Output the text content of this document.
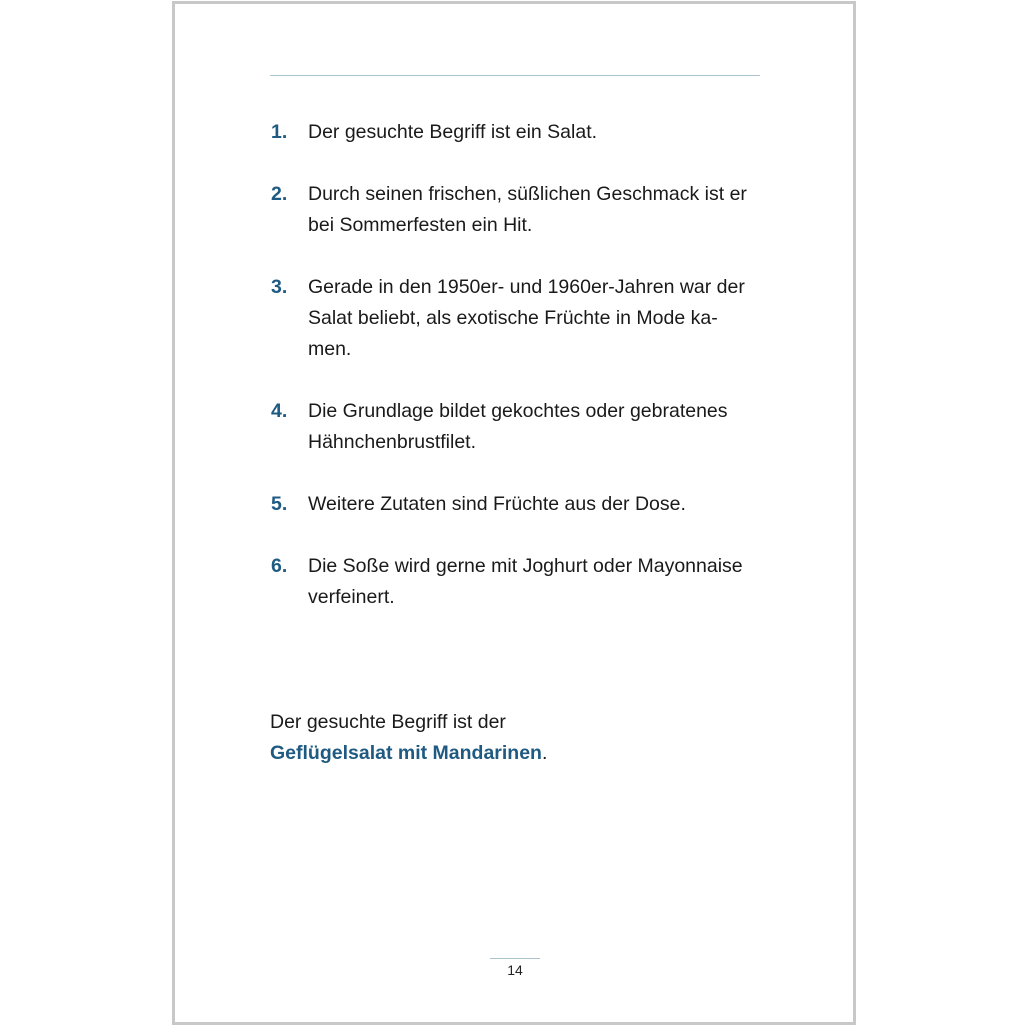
1.	Der gesuchte Begriff ist ein Salat.
2.	Durch seinen frischen, süßlichen Geschmack ist er
bei Sommerfesten ein Hit.
3.	Gerade in den 1950er- und 1960er-Jahren war der
Salat beliebt, als exotische Früchte in Mode ka-
men.
4.	Die Grundlage bildet gekochtes oder gebratenes
Hähnchenbrustfilet.
5.	Weitere Zutaten sind Früchte aus der Dose.
6.	Die Soße wird gerne mit Joghurt oder Mayonnaise
verfeinert.
Der gesuchte Begriff ist der
Geflügelsalat mit Mandarinen.
14
